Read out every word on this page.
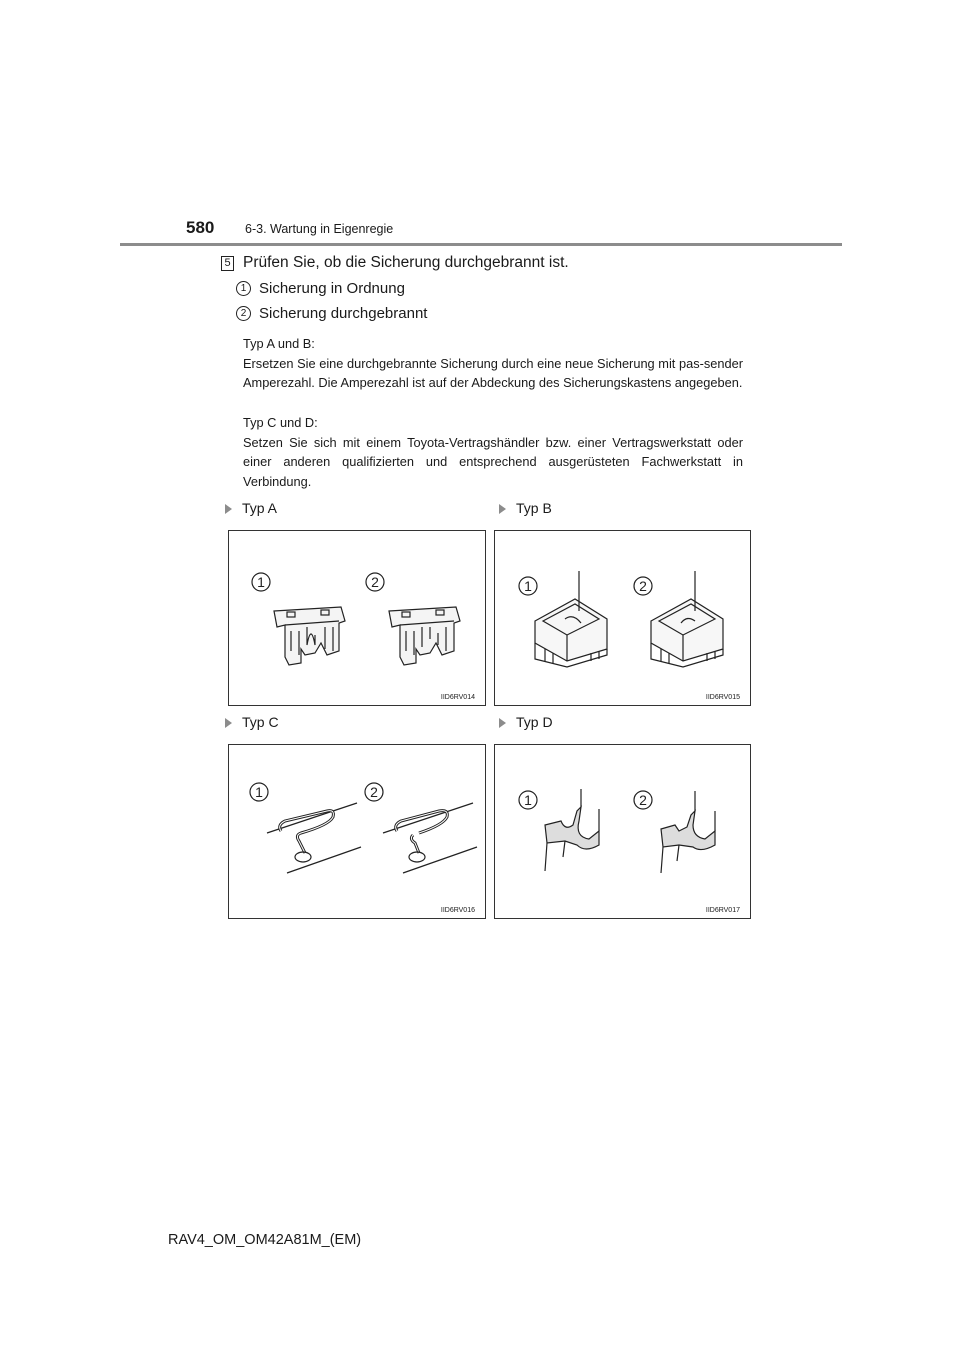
580 6-3. Wartung in Eigenregie
5 Prüfen Sie, ob die Sicherung durchgebrannt ist.
1 Sicherung in Ordnung
2 Sicherung durchgebrannt
Typ A und B:
Ersetzen Sie eine durchgebrannte Sicherung durch eine neue Sicherung mit pas-sender Amperezahl. Die Amperezahl ist auf der Abdeckung des Sicherungskastens angegeben.
Typ C und D:
Setzen Sie sich mit einem Toyota-Vertragshändler bzw. einer Vertragswerkstatt oder einer anderen qualifizierten und entsprechend ausgerüsteten Fachwerkstatt in Verbindung.
Typ A	Typ B
Typ C	Typ D
1	2
IID6RV014
1	2
IID6RV015
1	2
IID6RV016
1	2
IID6RV017
RAV4_OM_OM42A81M_(EM)
